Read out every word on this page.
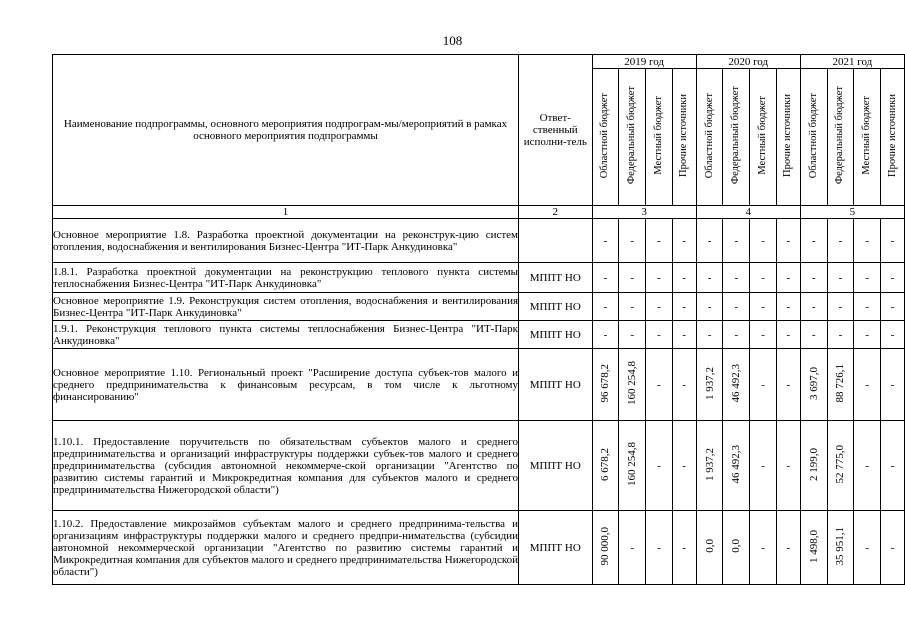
108
Наименование подпрограммы, основного мероприятия подпрограм-мы/мероприятий в рамках основного мероприятия подпрограммы	Ответ-ственный исполни-тель	2019 год				2020 год				2021 год			
		Областной бюджет	Федеральный бюджет	Местный бюджет	Прочие источники	Областной бюджет	Федеральный бюджет	Местный бюджет	Прочие источники	Областной бюджет	Федеральный бюджет	Местный бюджет	Прочие источники
1	2	3				4				5			
Основное мероприятие 1.8. Разработка проектной документации на реконструк-цию систем отопления, водоснабжения и вентилирования Бизнес-Центра "ИТ-Парк Анкудиновка"		-	-	-	-	-	-	-	-	-	-	-	-
1.8.1. Разработка проектной документации на реконструкцию теплового пункта системы теплоснабжения Бизнес-Центра "ИТ-Парк Анкудиновка"	МППТ НО	-	-	-	-	-	-	-	-	-	-	-	-
Основное мероприятие 1.9. Реконструкция систем отопления, водоснабжения и вентилирования Бизнес-Центра "ИТ-Парк Анкудиновка"	МППТ НО	-	-	-	-	-	-	-	-	-	-	-	-
1.9.1. Реконструкция теплового пункта системы теплоснабжения Бизнес-Центра "ИТ-Парк Анкудиновка"	МППТ НО	-	-	-	-	-	-	-	-	-	-	-	-
Основное мероприятие 1.10. Региональный проект "Расширение доступа субъек-тов малого и среднего предпринимательства к финансовым ресурсам, в том числе к льготному финансированию"	МППТ НО	96 678,2	160 254,8	-	-	1 937,2	46 492,3	-	-	3 697,0	88 726,1	-	-
1.10.1. Предоставление поручительств по обязательствам субъектов малого и среднего предпринимательства и организаций инфраструктуры поддержки субъек-тов малого и среднего предпринимательства (субсидия автономной некоммерче-ской организации "Агентство по развитию системы гарантий и Микрокредитная компания для субъектов малого и среднего предпринимательства Нижегородской области")	МППТ НО	6 678,2	160 254,8	-	-	1 937,2	46 492,3	-	-	2 199,0	52 775,0	-	-
1.10.2. Предоставление микрозаймов субъектам малого и среднего предпринима-тельства и организациям инфраструктуры поддержки малого и среднего предпри-нимательства (субсидии автономной некоммерческой организации "Агентство по развитию системы гарантий и Микрокредитная компания для субъектов малого и среднего предпринимательства Нижегородской области")	МППТ НО	90 000,0	-	-	-	0,0	0,0	-	-	1 498,0	35 951,1	-	-
